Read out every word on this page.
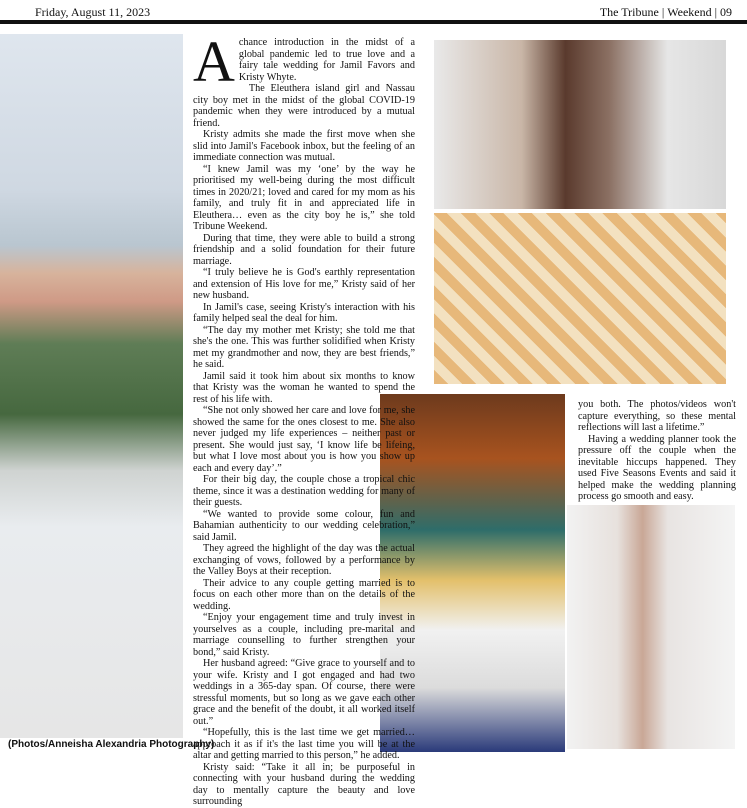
Friday, August 11, 2023	The Tribune | Weekend | 09
(Photos/Anneisha Alexandria Photography)
A chance introduction in the midst of a global pandemic led to true love and a fairy tale wedding for Jamil Favors and Kristy Whyte.

The Eleuthera island girl and Nassau city boy met in the midst of the global COVID-19 pandemic when they were introduced by a mutual friend.

Kristy admits she made the first move when she slid into Jamil's Facebook inbox, but the feeling of an immediate connection was mutual.

“I knew Jamil was my ‘one’ by the way he prioritised my well-being during the most difficult times in 2020/21; loved and cared for my mom as his family, and truly fit in and appreciated life in Eleuthera… even as the city boy he is,” she told Tribune Weekend.

During that time, they were able to build a strong friendship and a solid foundation for their future marriage.

“I truly believe he is God's earthly representation and extension of His love for me,” Kristy said of her new husband.

In Jamil's case, seeing Kristy's interaction with his family helped seal the deal for him.

“The day my mother met Kristy; she told me that she's the one. This was further solidified when Kristy met my grandmother and now, they are best friends,” he said.

Jamil said it took him about six months to know that Kristy was the woman he wanted to spend the rest of his life with.

“She not only showed her care and love for me, she showed the same for the ones closest to me. She also never judged my life experiences – neither past or present. She would just say, ‘I know life be lifeing, but what I love most about you is how you show up each and every day’.”

For their big day, the couple chose a tropical chic theme, since it was a destination wedding for many of their guests.

“We wanted to provide some colour, fun and Bahamian authenticity to our wedding celebration,” said Jamil.

They agreed the highlight of the day was the actual exchanging of vows, followed by a performance by the Valley Boys at their reception.

Their advice to any couple getting married is to focus on each other more than on the details of the wedding.

“Enjoy your engagement time and truly invest in yourselves as a couple, including pre-marital and marriage counselling to further strengthen your bond,” said Kristy.

Her husband agreed: “Give grace to yourself and to your wife. Kristy and I got engaged and had two weddings in a 365-day span. Of course, there were stressful moments, but so long as we gave each other grace and the benefit of the doubt, it all worked itself out.”

“Hopefully, this is the last time we get married… approach it as if it's the last time you will be at the altar and getting married to this person,” he added.

Kristy said: “Take it all in; be purposeful in connecting with your husband during the wedding day to mentally capture the beauty and love surrounding

you both. The photos/videos won't capture everything, so these mental reflections will last a lifetime.”

Having a wedding planner took the pressure off the couple when the inevitable hiccups happened. They used Five Seasons Events and said it helped make the wedding planning process go smooth and easy.
